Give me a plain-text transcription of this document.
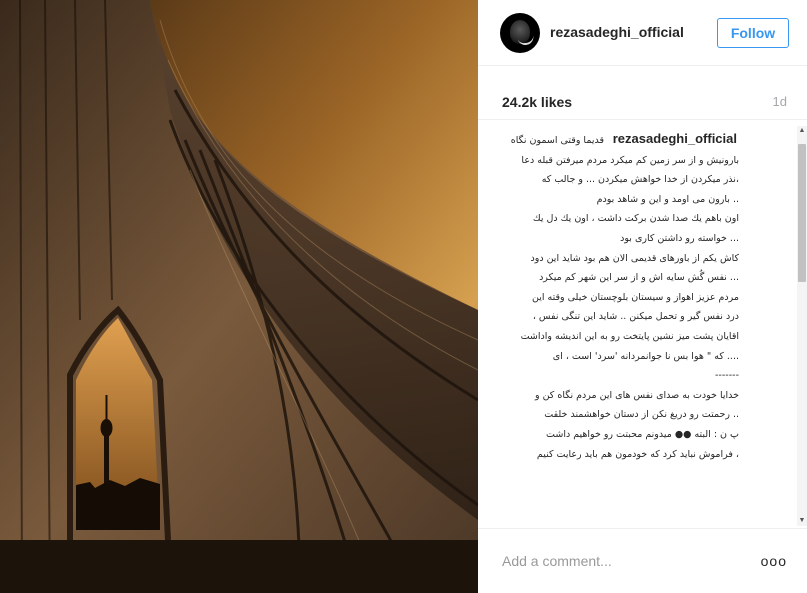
rezasadeghi_official	Follow
24.2k likes	1d
قدیما وقتی اسمون نگاه
بارونیش و از سر زمین کم میکرد مردم میرفتن قبله دعا
،نذر میکردن از خدا خواهش میکردن ... و جالب که
.. بارون می اومد و این و شاهد بودم
اون باهم یك صدا شدن برکت داشت ، اون یك دل یك
... خواسته رو داشتن کاری بود
کاش یکم از باورهای قدیمی الان هم بود شاید این دود
... نفس گُش سایه اش و از سر این شهر کم میکرد
مردم عزیز اهواز و سیستان بلوچستان خیلی وقته این
درد نفس گیر و تحمل میکنن .. شاید این تنگی نفس ،
اقایان پشت میز نشین پایتخت رو به این اندیشه واداشت
.... که " هوا بس نا جوانمردانه 'سرد' است ، ای
-------
خدایا خودت به صدای نفس های این مردم نگاه کن و
.. رحمتت رو دریغ نکن از دستان خواهشمند خلقت
پ ن : البته ●● میدونم محبتت رو خواهیم داشت
، فراموش نباید کرد که خودمون هم باید رعایت کنیم
rezasadeghi_official
▲
▼
Add a comment...
ooo
